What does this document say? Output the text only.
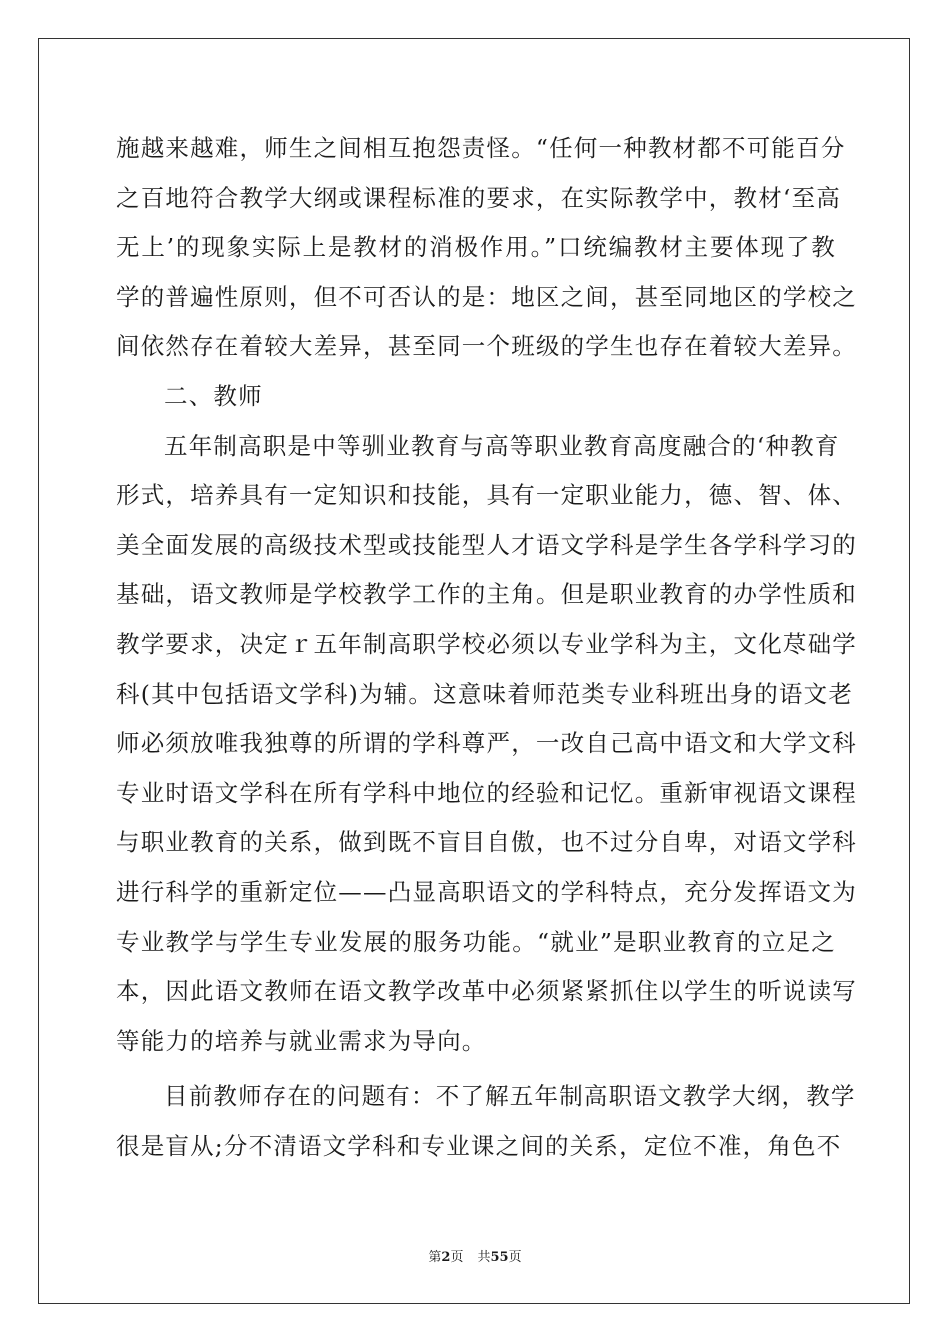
施越来越难，师生之间相互抱怨责怪。“任何一种教材都不可能百分
之百地符合教学大纲或课程标准的要求，在实际教学中，教材‘至高
无上’的现象实际上是教材的消极作用。”口统编教材主要体现了教
学的普遍性原则，但不可否认的是：地区之间，甚至同地区的学校之
间依然存在着较大差异，甚至同一个班级的学生也存在着较大差异。
二、教师
五年制高职是中等驯业教育与高等职业教育高度融合的‘种教育
形式，培养具有一定知识和技能，具有一定职业能力，德、智、体、
美全面发展的高级技术型或技能型人才语文学科是学生各学科学习的
基础，语文教师是学校教学工作的主角。但是职业教育的办学性质和
教学要求，决定ｒ五年制高职学校必须以专业学科为主，文化荩础学
科(其中包括语文学科)为辅。这意味着师范类专业科班出身的语文老
师必须放唯我独尊的所谓的学科尊严，一改自己高中语文和大学文科
专业时语文学科在所有学科中地位的经验和记忆。重新审视语文课程
与职业教育的关系，做到既不盲目自傲，也不过分自卑，对语文学科
进行科学的重新定位——凸显高职语文的学科特点，充分发挥语文为
专业教学与学生专业发展的服务功能。“就业”是职业教育的立足之
本，因此语文教师在语文教学改革中必须紧紧抓住以学生的听说读写
等能力的培养与就业需求为导向。
目前教师存在的问题有：不了解五年制高职语文教学大纲，教学
很是盲从;分不清语文学科和专业课之间的关系，定位不准，角色不
第2页 共55页
